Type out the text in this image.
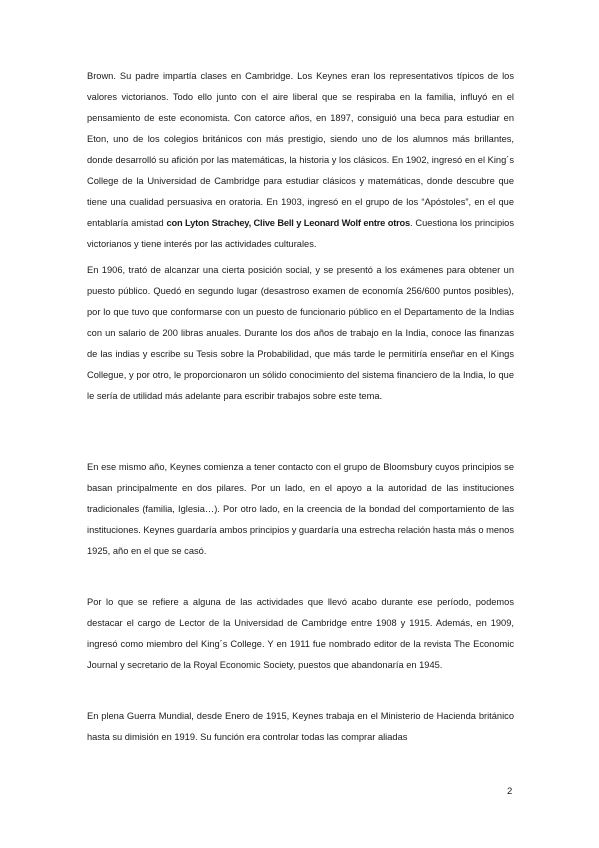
Brown. Su padre impartía clases en Cambridge. Los Keynes eran los representativos típicos de los valores victorianos. Todo ello junto con el aire liberal que se respiraba en la familia, influyó en el pensamiento de este economista. Con catorce años, en 1897, consiguió una beca para estudiar en Eton, uno de los colegios británicos con más prestigio, siendo uno de los alumnos más brillantes, donde desarrolló su afición por las matemáticas, la historia y los clásicos. En 1902, ingresó en el King´s College de la Universidad de Cambridge para estudiar clásicos y matemáticas, donde descubre que tiene una cualidad persuasiva en oratoria. En 1903, ingresó en el grupo de los “Apóstoles”, en el que entablaría amistad con Lyton Strachey, Clive Bell y Leonard Wolf entre otros. Cuestiona los principios victorianos y tiene interés por las actividades culturales.

En 1906, trató de alcanzar una cierta posición social, y se presentó a los exámenes para obtener un puesto público. Quedó en segundo lugar (desastroso examen de economía 256/600 puntos posibles), por lo que tuvo que conformarse con un puesto de funcionario público en el Departamento de la Indias con un salario de 200 libras anuales. Durante los dos años de trabajo en la India, conoce las finanzas de las indias y escribe su Tesis sobre la Probabilidad, que más tarde le permitiría enseñar en el Kings Collegue, y por otro, le proporcionaron un sólido conocimiento del sistema financiero de la India, lo que le sería de utilidad más adelante para escribir trabajos sobre este tema.

En ese mismo año, Keynes comienza a tener contacto con el grupo de Bloomsbury cuyos principios se basan principalmente en dos pilares. Por un lado, en el apoyo a la autoridad de las instituciones tradicionales (familia, Iglesia…). Por otro lado, en la creencia de la bondad del comportamiento de las instituciones. Keynes guardaría ambos principios y guardaría una estrecha relación hasta más o menos 1925, año en el que se casó.

Por lo que se refiere a alguna de las actividades que llevó acabo durante ese período, podemos destacar el cargo de Lector de la Universidad de Cambridge entre 1908 y 1915. Además, en 1909, ingresó como miembro del King´s College. Y en 1911 fue nombrado editor de la revista The Economic Journal y secretario de la Royal Economic Society, puestos que abandonaría en 1945.

En plena Guerra Mundial, desde Enero de 1915, Keynes trabaja en el Ministerio de Hacienda británico hasta su dimisión en 1919. Su función era controlar todas las comprar aliadas

2
